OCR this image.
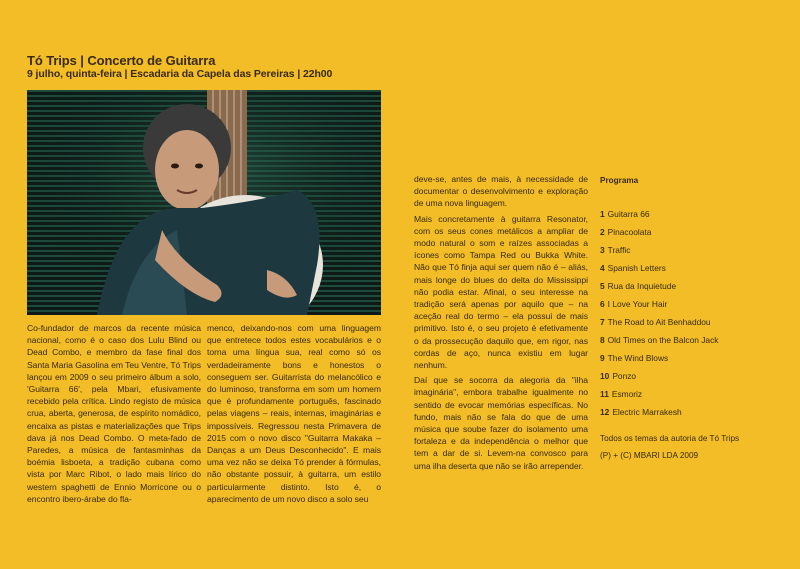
Tó Trips | Concerto de Guitarra
9 julho, quinta-feira | Escadaria da Capela das Pereiras | 22h00

Co-fundador de marcos da recente música nacional, como é o caso dos Lulu Blind ou Dead Combo, e membro da fase final dos Santa Maria Gasolina em Teu Ventre, Tó Trips lançou em 2009 o seu primeiro álbum a solo, 'Guitarra 66', pela Mbari, efusivamente recebido pela crítica. Lindo registo de música crua, aberta, generosa, de espírito nomádico, encaixa as pistas e materializações que Trips dava já nos Dead Combo. O meta-fado de Paredes, a música de fantasminhas da boémia lisboeta, a tradição cubana como vista por Marc Ribot, o lado mais lírico do western spaghetti de Ennio Morricone ou o encontro ibero-árabe do fla-

menco, deixando-nos com uma linguagem que entretece todos estes vocabulários e o torna uma língua sua, real como só os verdadeiramente bons e honestos o conseguem ser. Guitarrista do melancólico e do luminoso, transforma em som um homem que é profundamente português, fascinado pelas viagens – reais, internas, imaginárias e impossíveis. Regressou nesta Primavera de 2015 com o novo disco "Guitarra Makaka – Danças a um Deus Desconhecido". E mais uma vez não se deixa Tó prender à fórmulas, não obstante possuir, à guitarra, um estilo particularmente distinto. Isto é, o aparecimento de um novo disco a solo seu

deve-se, antes de mais, à necessidade de documentar o desenvolvimento e exploração de uma nova linguagem.

Mais concretamente à guitarra Resonator, com os seus cones metálicos a ampliar de modo natural o som e raízes associadas a ícones como Tampa Red ou Bukka White. Não que Tó finja aqui ser quem não é – aliás, mais longe do blues do delta do Mississippi não podia estar. Afinal, o seu interesse na tradição será apenas por aquilo que – na aceção real do termo – ela possui de mais primitivo. Isto é, o seu projeto é efetivamente o da prossecução daquilo que, em rigor, nas cordas de aço, nunca existiu em lugar nenhum.

Daí que se socorra da alegoria da "ilha imaginária", embora trabalhe igualmente no sentido de evocar memórias específicas. No fundo, mais não se fala do que de uma música que soube fazer do isolamento uma fortaleza e da independência o melhor que tem a dar de si. Levem-na convosco para uma ilha deserta que não se irão arrepender.

Programa
1 Guitarra 66
2 Pinacoolata
3 Traffic
4 Spanish Letters
5 Rua da Inquietude
6 I Love Your Hair
7 The Road to Ait Benhaddou
8 Old Times on the Balcon Jack
9 The Wind Blows
10 Ponzo
11 Esmoriz
12 Electric Marrakesh
Todos os temas da autoria de Tó Trips
(P) + (C) MBARI LDA 2009
